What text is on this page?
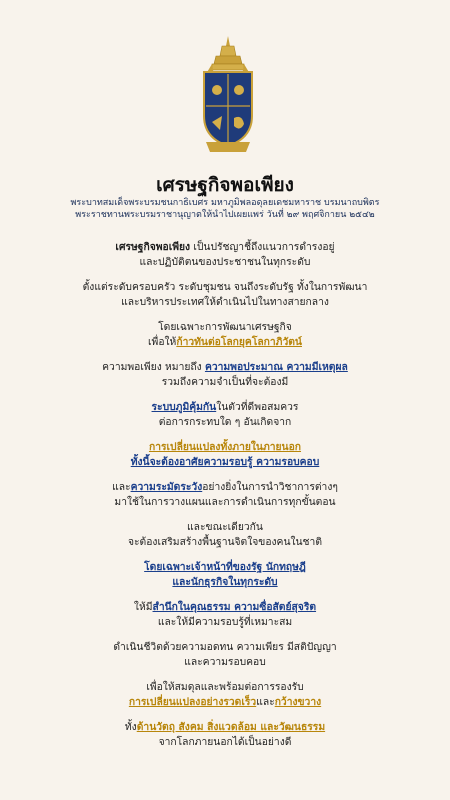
เศรษฐกิจพอเพียง
พระบาทสมเด็จพระบรมชนกาธิเบศร มหาภูมิพลอดุลยเดชมหาราช บรมนาถบพิตร
พระราชทานพระบรมราชานุญาตให้นำไปเผยแพร่ วันที่ ๒๙ พฤศจิกายน ๒๕๔๒
เศรษฐกิจพอเพียง เป็นปรัชญาชี้ถึงแนวการดำรงอยู่
และปฏิบัติตนของประชาชนในทุกระดับ
ตั้งแต่ระดับครอบครัว ระดับชุมชน จนถึงระดับรัฐ ทั้งในการพัฒนา
และบริหารประเทศให้ดำเนินไปในทางสายกลาง
โดยเฉพาะการพัฒนาเศรษฐกิจ
เพื่อให้ก้าวทันต่อโลกยุคโลกาภิวัตน์
ความพอเพียง หมายถึง ความพอประมาณ ความมีเหตุผล
รวมถึงความจำเป็นที่จะต้องมี
ระบบภูมิคุ้มกันในตัวที่ดีพอสมควร
ต่อการกระทบใด ๆ อันเกิดจาก
การเปลี่ยนแปลงทั้งภายในภายนอก
ทั้งนี้จะต้องอาศัยความรอบรู้ ความรอบคอบ
และความระมัดระวังอย่างยิ่งในการนำวิชาการต่างๆ
มาใช้ในการวางแผนและการดำเนินการทุกขั้นตอน
และขณะเดียวกัน
จะต้องเสริมสร้างพื้นฐานจิตใจของคนในชาติ
โดยเฉพาะเจ้าหน้าที่ของรัฐ นักทฤษฎี
และนักธุรกิจในทุกระดับ
ให้มีสำนึกในคุณธรรม ความซื่อสัตย์สุจริต
และให้มีความรอบรู้ที่เหมาะสม
ดำเนินชีวิตด้วยความอดทน ความเพียร มีสติปัญญา
และความรอบคอบ
เพื่อให้สมดุลและพร้อมต่อการรองรับ
การเปลี่ยนแปลงอย่างรวดเร็วและกว้างขวาง
ทั้งด้านวัตถุ สังคม สิ่งแวดล้อม และวัฒนธรรม
จากโลกภายนอกได้เป็นอย่างดี
